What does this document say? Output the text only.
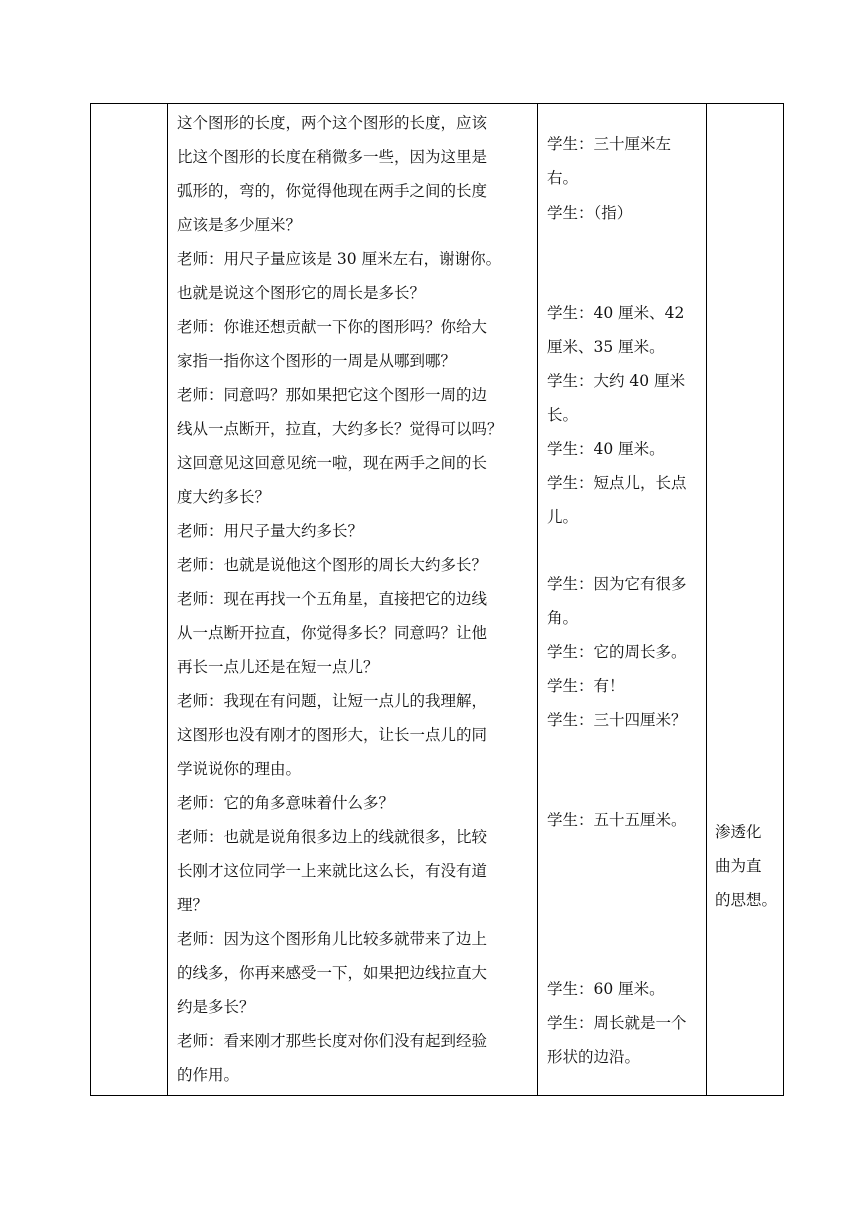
这个图形的长度，两个这个图形的长度，应该
比这个图形的长度在稍微多一些，因为这里是
弧形的，弯的，你觉得他现在两手之间的长度
应该是多少厘米？
老师：用尺子量应该是 30 厘米左右，谢谢你。
也就是说这个图形它的周长是多长？
老师：你谁还想贡献一下你的图形吗？你给大
家指一指你这个图形的一周是从哪到哪？
老师：同意吗？那如果把它这个图形一周的边
线从一点断开，拉直，大约多长？觉得可以吗？
这回意见这回意见统一啦，现在两手之间的长
度大约多长？
老师：用尺子量大约多长？
老师：也就是说他这个图形的周长大约多长？
老师：现在再找一个五角星，直接把它的边线
从一点断开拉直，你觉得多长？同意吗？让他
再长一点儿还是在短一点儿？
老师：我现在有问题，让短一点儿的我理解，
这图形也没有刚才的图形大，让长一点儿的同
学说说你的理由。
老师：它的角多意味着什么多？
老师：也就是说角很多边上的线就很多，比较
长刚才这位同学一上来就比这么长，有没有道
理？
老师：因为这个图形角儿比较多就带来了边上
的线多，你再来感受一下，如果把边线拉直大
约是多长？
老师：看来刚才那些长度对你们没有起到经验
的作用。
学生：三十厘米左
右。
学生：（指）
学生：40 厘米、42
厘米、35 厘米。
学生：大约 40 厘米
长。
学生：40 厘米。
学生：短点儿，长点
儿。
学生：因为它有很多
角。
学生：它的周长多。
学生：有！
学生：三十四厘米？
学生：五十五厘米。
学生：60 厘米。
学生：周长就是一个
形状的边沿。
渗透化
曲为直
的思想。
